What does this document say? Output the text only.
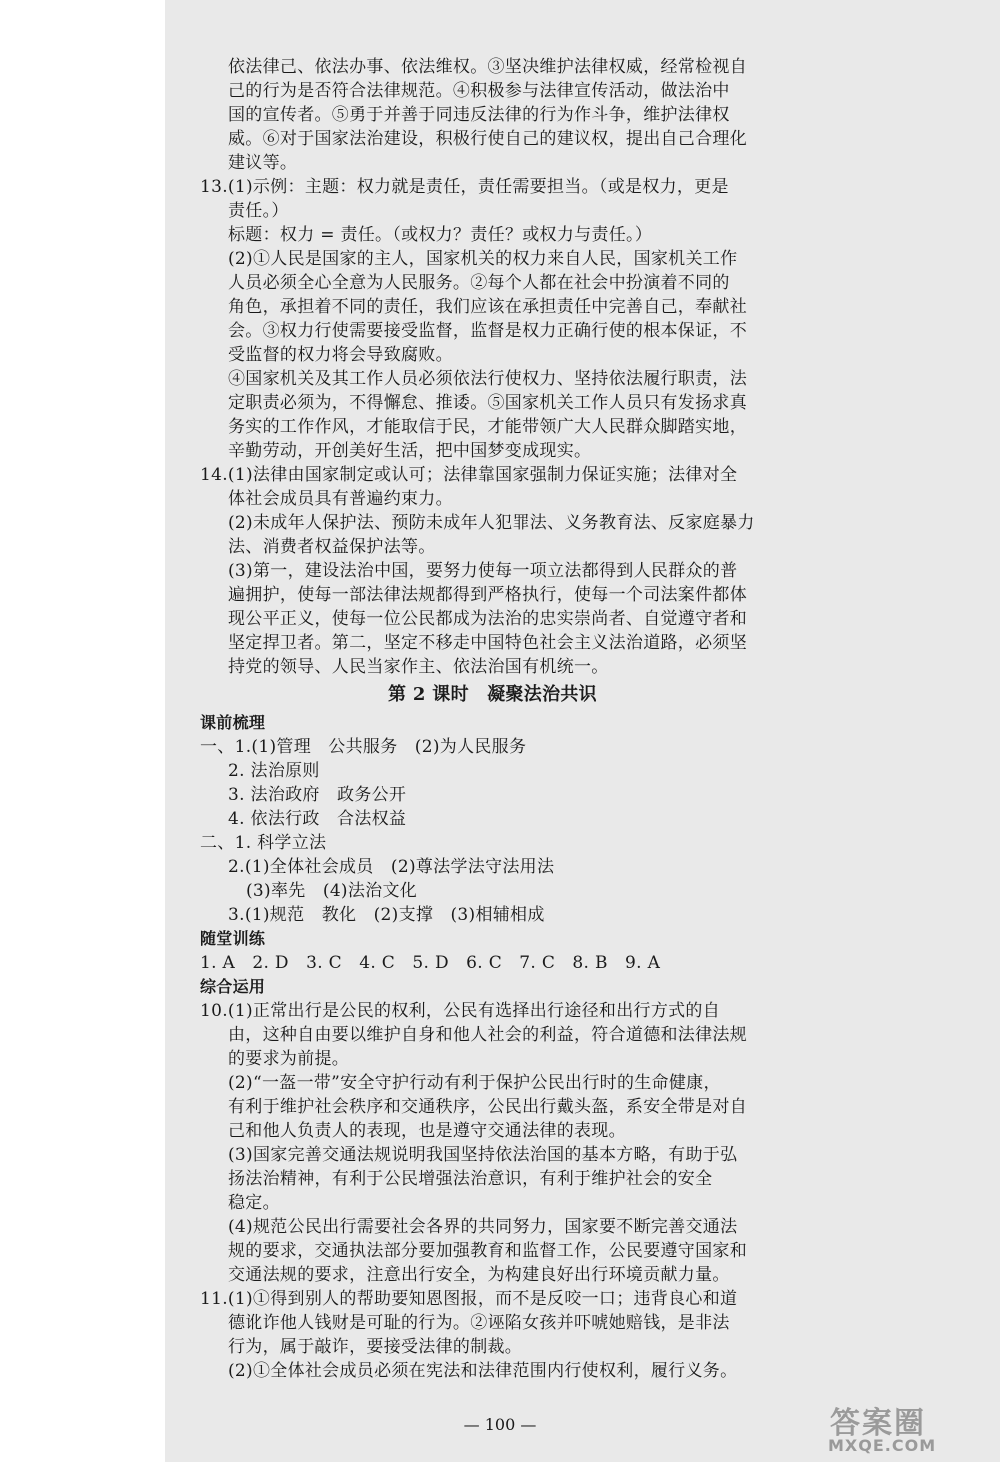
依法律己、依法办事、依法维权。③坚决维护法律权威，经常检视自
己的行为是否符合法律规范。④积极参与法律宣传活动，做法治中
国的宣传者。⑤勇于并善于同违反法律的行为作斗争，维护法律权
威。⑥对于国家法治建设，积极行使自己的建议权，提出自己合理化
建议等。
13.(1)示例：主题：权力就是责任，责任需要担当。（或是权力，更是
责任。）
标题：权力 = 责任。（或权力？责任？或权力与责任。）
(2)①人民是国家的主人，国家机关的权力来自人民，国家机关工作
人员必须全心全意为人民服务。②每个人都在社会中扮演着不同的
角色，承担着不同的责任，我们应该在承担责任中完善自己，奉献社
会。③权力行使需要接受监督，监督是权力正确行使的根本保证，不
受监督的权力将会导致腐败。
④国家机关及其工作人员必须依法行使权力、坚持依法履行职责，法
定职责必须为，不得懈怠、推诿。⑤国家机关工作人员只有发扬求真
务实的工作作风，才能取信于民，才能带领广大人民群众脚踏实地，
辛勤劳动，开创美好生活，把中国梦变成现实。
14.(1)法律由国家制定或认可；法律靠国家强制力保证实施；法律对全
体社会成员具有普遍约束力。
(2)未成年人保护法、预防未成年人犯罪法、义务教育法、反家庭暴力
法、消费者权益保护法等。
(3)第一，建设法治中国，要努力使每一项立法都得到人民群众的普
遍拥护，使每一部法律法规都得到严格执行，使每一个司法案件都体
现公平正义，使每一位公民都成为法治的忠实崇尚者、自觉遵守者和
坚定捍卫者。第二，坚定不移走中国特色社会主义法治道路，必须坚
持党的领导、人民当家作主、依法治国有机统一。
第 2 课时　凝聚法治共识
课前梳理
一、1.(1)管理　公共服务　(2)为人民服务
2. 法治原则
3. 法治政府　政务公开
4. 依法行政　合法权益
二、1. 科学立法
2.(1)全体社会成员　(2)尊法学法守法用法
(3)率先　(4)法治文化
3.(1)规范　教化　(2)支撑　(3)相辅相成
随堂训练
1. A　2. D　3. C　4. C　5. D　6. C　7. C　8. B　9. A
综合运用
10.(1)正常出行是公民的权利，公民有选择出行途径和出行方式的自
由，这种自由要以维护自身和他人社会的利益，符合道德和法律法规
的要求为前提。
(2)“一盔一带”安全守护行动有利于保护公民出行时的生命健康，
有利于维护社会秩序和交通秩序，公民出行戴头盔，系安全带是对自
己和他人负责人的表现，也是遵守交通法律的表现。
(3)国家完善交通法规说明我国坚持依法治国的基本方略，有助于弘
扬法治精神，有利于公民增强法治意识，有利于维护社会的安全
稳定。
(4)规范公民出行需要社会各界的共同努力，国家要不断完善交通法
规的要求，交通执法部分要加强教育和监督工作，公民要遵守国家和
交通法规的要求，注意出行安全，为构建良好出行环境贡献力量。
11.(1)①得到别人的帮助要知恩图报，而不是反咬一口；违背良心和道
德讹诈他人钱财是可耻的行为。②诬陷女孩并吓唬她赔钱，是非法
行为，属于敲诈，要接受法律的制裁。
(2)①全体社会成员必须在宪法和法律范围内行使权利，履行义务。
— 100 —	答案圈
MXQE.COM
